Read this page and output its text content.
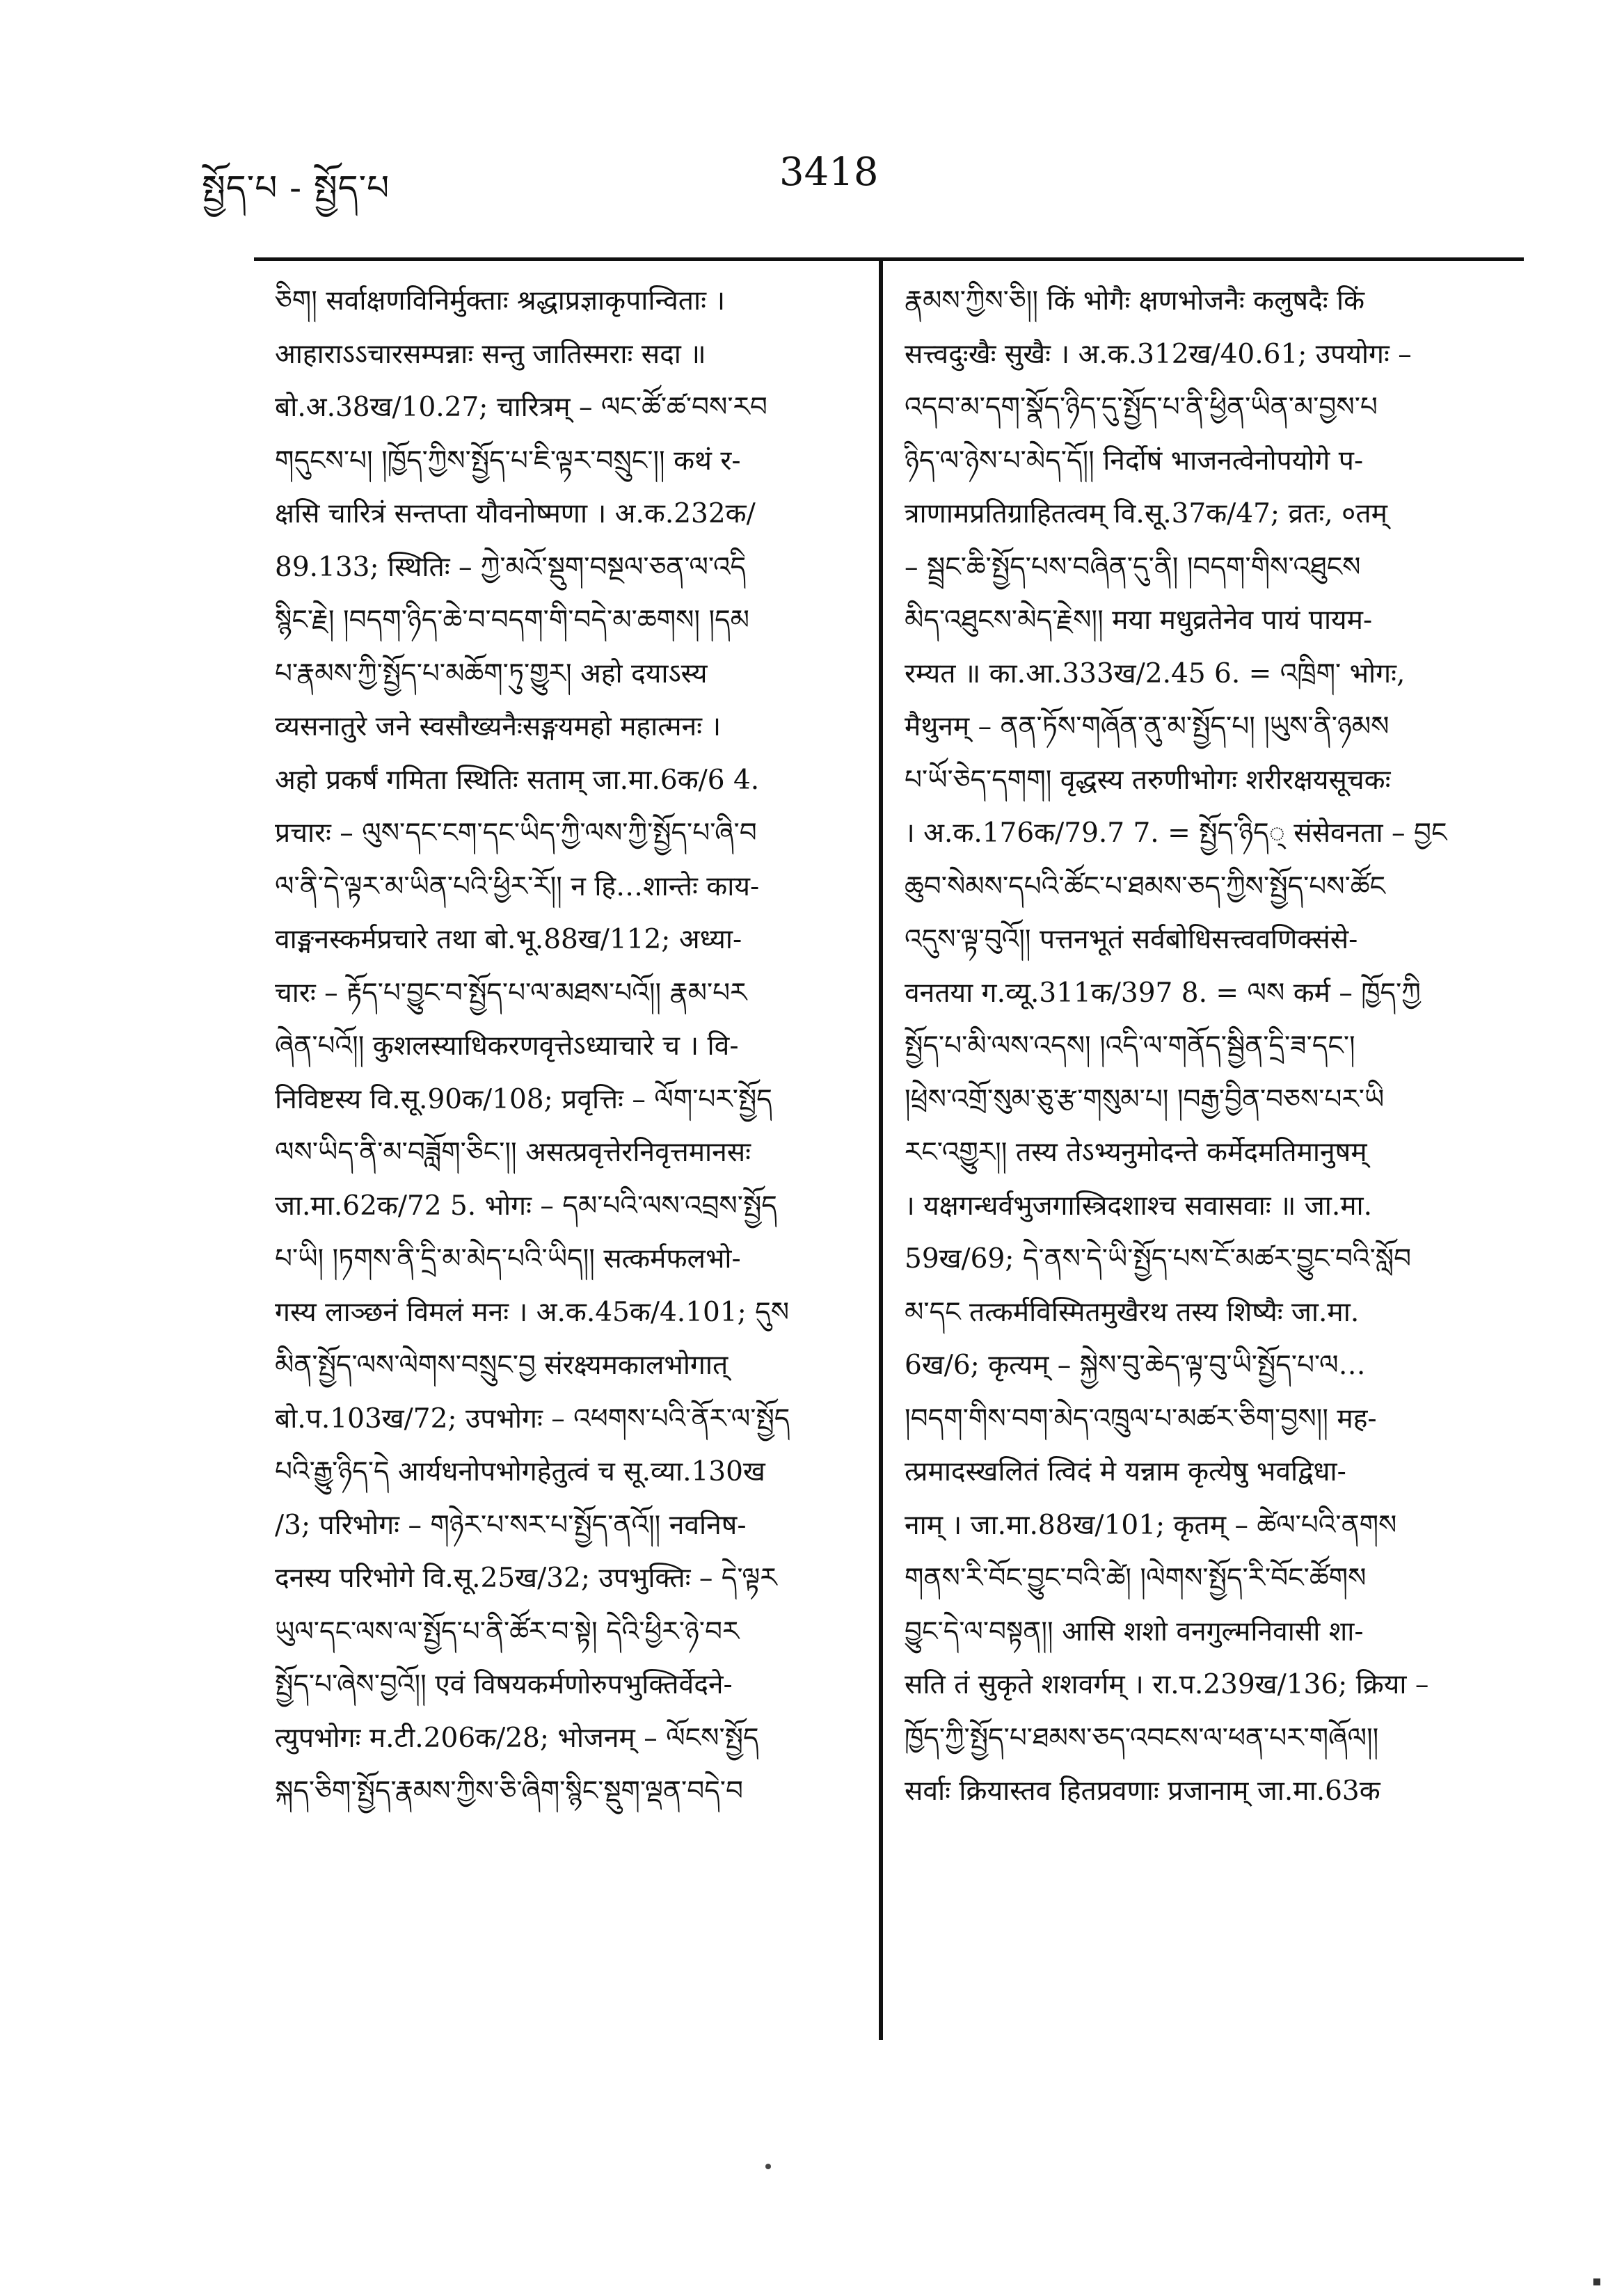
སྤྱོད་པ - སྤྱོད་པ	3418
ཅིག། सर्वाक्षणविनिर्मुक्ताः श्रद्धाप्रज्ञाकृपान्विताः ।
आहाराऽऽचारसम्पन्नाः सन्तु जातिस्मराः सदा ॥
बो.अ.38ख/10.27; चारित्रम् – ལང་ཚོ་ཚ་བས་རབ
གདུངས་པ། །ཁྱོད་ཀྱིས་སྤྱོད་པ་ཇི་ལྟར་བསྲུང་།། कथं र-
क्षसि चारित्रं सन्तप्ता यौवनोष्मणा । अ.क.232क/
89.133; स्थितिः – ཀྱེ་མའོ་སྡུག་བསྔལ་ཅན་ལ་འདི
སྙིང་རྗེ། །བདག་ཉིད་ཆེ་བ་བདག་གི་བདེ་མ་ཆགས། །དམ
པ་རྣམས་ཀྱི་སྤྱོད་པ་མཆོག་ཏུ་གྱུར། अहो दयाऽस्य
व्यसनातुरे जने स्वसौख्यनैःसङ्गयमहो महात्मनः ।
अहो प्रकर्षं गमिता स्थितिः सताम् जा.मा.6क/6 4.
प्रचारः – ལུས་དང་ངག་དང་ཡིད་ཀྱི་ལས་ཀྱི་སྤྱོད་པ་ཞི་བ
ལ་ནི་དེ་ལྟར་མ་ཡིན་པའི་ཕྱིར་རོ།། न हि…शान्तेः काय-
वाङ्मनस्कर्मप्रचारे तथा बो.भू.88ख/112; अध्या-
चारः – རྟོད་པ་བྱུང་བ་སྤྱོད་པ་ལ་མཐས་པའོ།། རྣམ་པར
ཞེན་པའོ།། कुशलस्याधिकरणवृत्तेऽध्याचारे च । वि-
निविष्टस्य वि.सू.90क/108; प्रवृत्तिः – ལོག་པར་སྤྱོད
ལས་ཡིད་ནི་མ་བཟློག་ཅིང་།། असत्प्रवृत्तेरनिवृत्तमानसः
जा.मा.62क/72 5. भोगः – དམ་པའི་ལས་འབྲས་སྤྱོད
པ་ཡི། །ཏགས་ནི་དྲི་མ་མེད་པའི་ཡིད།། सत्कर्मफलभो-
गस्य लाञ्छनं विमलं मनः । अ.क.45क/4.101; དུས
མིན་སྤྱོད་ལས་ལེགས་བསྲུང་བྱ संरक्ष्यमकालभोगात्
बो.प.103ख/72; उपभोगः – འཕགས་པའི་ནོར་ལ་སྤྱོད
པའི་རྒྱུ་ཉིད་དེ आर्यधनोपभोगहेतुत्वं च सू.व्या.130ख
/3; परिभोगः – གཉེར་པ་སར་པ་སྤྱོད་ནའོ།། नवनिष-
दनस्य परिभोगे वि.सू.25ख/32; उपभुक्तिः – དེ་ལྟར
ཡུལ་དང་ལས་ལ་སྤྱོད་པ་ནི་ཚོར་བ་སྟེ། དེའི་ཕྱིར་ཉེ་བར
སྤྱོད་པ་ཞེས་བྱའོ།། एवं विषयकर्मणोरुपभुक्तिर्वेदने-
त्युपभोगः म.टी.206क/28; भोजनम् – ལོངས་སྤྱོད
སྐད་ཅིག་སྤྱོད་རྣམས་ཀྱིས་ཅི་ཞིག་སྙིང་སྡུག་ལྡན་བདེ་བ
རྣམས་ཀྱིས་ཅི།། किं भोगैः क्षणभोजनैः कलुषदैः किं
सत्त्वदुःखैः सुखैः । अ.क.312ख/40.61; उपयोगः –
འདབ་མ་དག་སྣོད་ཉིད་དུ་སྤྱོད་པ་ནི་ཕྱིན་ཡིན་མ་བྱས་པ
ཉིད་ལ་ཉེས་པ་མེད་དོ།། निर्दोषं भाजनत्वेनोपयोगे प-
त्राणामप्रतिग्राहितत्वम् वि.सू.37क/47; व्रतः, ०तम्
– སྦྲང་ཆི་སྤྱོད་པས་བཞིན་དུ་ནི། །བདག་གིས་འཐུངས
མིད་འཐུངས་མེད་རྗེས།། मया मधुव्रतेनेव पायं पायम-
रम्यत ॥ का.आ.333ख/2.45 6. = འཁྲིག་ भोगः,
मैथुनम् – ནན་ཏོས་གཞོན་ནུ་མ་སྤྱོད་པ། །ཡུས་ནི་ཉམས
པ་ཡོ་ཅེད་དགག། वृद्धस्य तरुणीभोगः शरीरक्षयसूचकः
। अ.क.176क/79.7 7. = སྤྱོད་ཉིད् संसेवनता – བྱང
ཆུབ་སེམས་དཔའི་ཚོང་པ་ཐམས་ཅད་ཀྱིས་སྤྱོད་པས་ཚོང
འདུས་ལྟ་བུའོ།། पत्तनभूतं सर्वबोधिसत्त्ववणिक्संसे-
वनतया ग.व्यू.311क/397 8. = ལས कर्म – ཁྱོད་ཀྱི
སྤྱོད་པ་མི་ལས་འདས། །འདི་ལ་གནོད་སྦྱིན་དྲི་ཟ་དང་།
།ཕྲེས་འགྲོ་སུམ་ཅུ་རྩ་གསུམ་པ། །བརྒྱ་བྱིན་བཅས་པར་ཡི
རང་འགྱུར།། तस्य तेऽभ्यनुमोदन्ते कर्मेदमतिमानुषम्
। यक्षगन्धर्वभुजगास्त्रिदशाश्च सवासवाः ॥ जा.मा.
59ख/69; དེ་ནས་དེ་ཡི་སྤྱོད་པས་ངོ་མཚར་བྱུང་བའི་སློབ
མ་དང तत्कर्मविस्मितमुखैरथ तस्य शिष्यैः जा.मा.
6ख/6; कृत्यम् – སྐྱེས་བུ་ཆེད་ལྟ་བུ་ཡི་སྤྱོད་པ་ལ…
།བདག་གིས་བག་མེད་འཁྲུལ་པ་མཚར་ཅིག་བྱས།། मह-
त्प्रमादस्खलितं त्विदं मे यन्नाम कृत्येषु भवद्विधा-
नाम् । जा.मा.88ख/101; कृतम् – ཚེལ་པའི་ནགས
གནས་རི་བོང་བྱུང་བའི་ཚེ། །ལེགས་སྤྱོད་རི་བོང་ཚོགས
བྱུང་དེ་ལ་བསྟན།། आसि शशो वनगुल्मनिवासी शा-
सति तं सुकृते शशवर्गम् । रा.प.239ख/136; क्रिया –
ཁྱོད་ཀྱི་སྤྱོད་པ་ཐམས་ཅད་འབངས་ལ་ཕན་པར་གཞོལ།།
सर्वाः क्रियास्तव हितप्रवणाः प्रजानाम् जा.मा.63क
